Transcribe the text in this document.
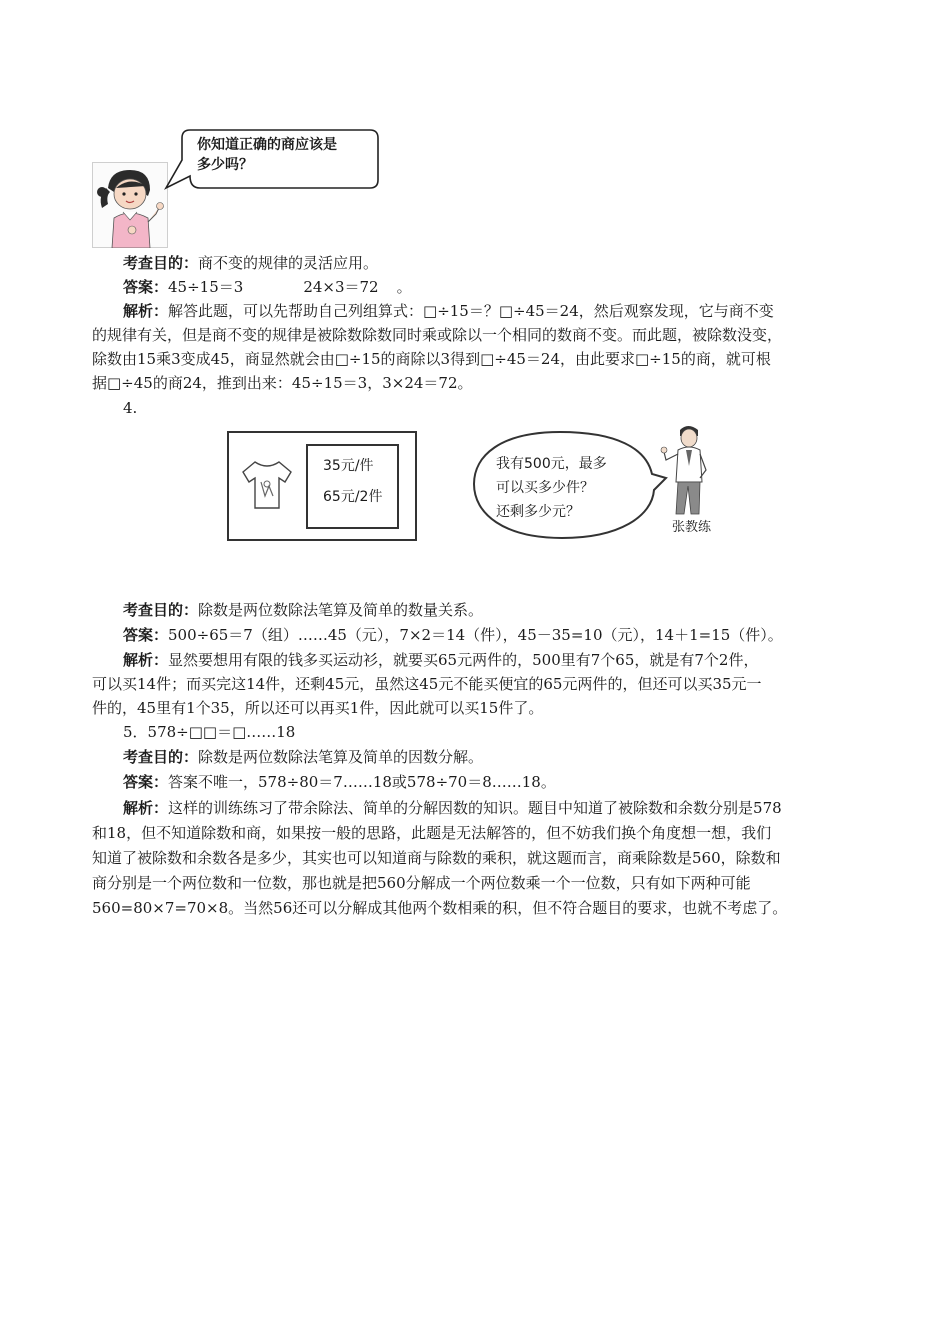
你知道正确的商应该是
多少吗？
考查目的：商不变的规律的灵活应用。
答案：45÷15＝3	24×3＝72 。
解析：解答此题，可以先帮助自己列组算式：□÷15＝？□÷45＝24，然后观察发现，它与商不变
的规律有关，但是商不变的规律是被除数除数同时乘或除以一个相同的数商不变。而此题，被除数没变，
除数由15乘3变成45，商显然就会由□÷15的商除以3得到□÷45＝24，由此要求□÷15的商，就可根
据□÷45的商24，推到出来：45÷15＝3，3×24＝72。
4.
35元/件
65元/2件
我有500元，最多
可以买多少件？
还剩多少元？
张教练
考查目的：除数是两位数除法笔算及简单的数量关系。
答案：500÷65＝7（组）……45（元），7×2＝14（件），45－35=10（元），14＋1=15（件）。
解析：显然要想用有限的钱多买运动衫，就要买65元两件的，500里有7个65，就是有7个2件，
可以买14件；而买完这14件，还剩45元，虽然这45元不能买便宜的65元两件的，但还可以买35元一
件的，45里有1个35，所以还可以再买1件，因此就可以买15件了。
5．578÷□□＝□……18
考查目的：除数是两位数除法笔算及简单的因数分解。
答案：答案不唯一，578÷80＝7……18或578÷70＝8……18。
解析：这样的训练练习了带余除法、简单的分解因数的知识。题目中知道了被除数和余数分别是578
和18，但不知道除数和商，如果按一般的思路，此题是无法解答的，但不妨我们换个角度想一想，我们
知道了被除数和余数各是多少，其实也可以知道商与除数的乘积，就这题而言，商乘除数是560，除数和
商分别是一个两位数和一位数，那也就是把560分解成一个两位数乘一个一位数，只有如下两种可能
560=80×7=70×8。当然56还可以分解成其他两个数相乘的积，但不符合题目的要求，也就不考虑了。
